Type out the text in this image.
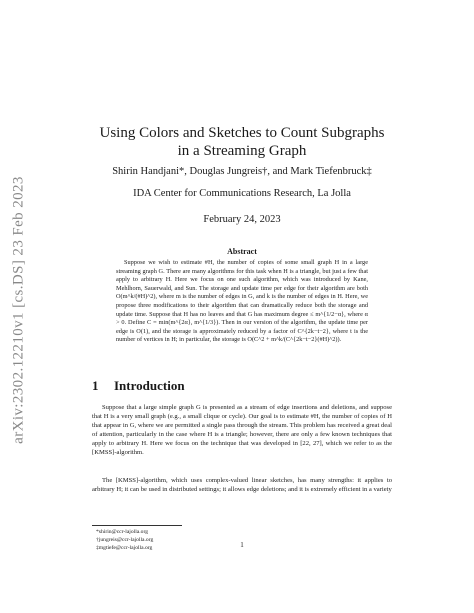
arXiv:2302.12210v1 [cs.DS] 23 Feb 2023
Using Colors and Sketches to Count Subgraphs in a Streaming Graph
Shirin Handjani*, Douglas Jungreis†, and Mark Tiefenbruck‡
IDA Center for Communications Research, La Jolla
February 24, 2023
Abstract
Suppose we wish to estimate #H, the number of copies of some small graph H in a large streaming graph G. There are many algorithms for this task when H is a triangle, but just a few that apply to arbitrary H. Here we focus on one such algorithm, which was introduced by Kane, Mehlhorn, Sauerwald, and Sun. The storage and update time per edge for their algorithm are both O(m^k/(#H)^2), where m is the number of edges in G, and k is the number of edges in H. Here, we propose three modifications to their algorithm that can dramatically reduce both the storage and update time. Suppose that H has no leaves and that G has maximum degree ≤ m^{1/2−α}, where α > 0. Define C = min(m^{2α}, m^{1/3}). Then in our version of the algorithm, the update time per edge is O(1), and the storage is approximately reduced by a factor of C^{2k−t−2}, where t is the number of vertices in H; in particular, the storage is O(C^2 + m^k/(C^{2k−t−2}(#H)^2)).
1 Introduction
Suppose that a large simple graph G is presented as a stream of edge insertions and deletions, and suppose that H is a very small graph (e.g., a small clique or cycle). Our goal is to estimate #H, the number of copies of H that appear in G, where we are permitted a single pass through the stream. This problem has received a great deal of attention, particularly in the case where H is a triangle; however, there are only a few known techniques that apply to arbitrary H. Here we focus on the technique that was developed in [22, 27], which we refer to as the [KMSS]-algorithm.
The [KMSS]-algorithm, which uses complex-valued linear sketches, has many strengths: it applies to arbitrary H; it can be used in distributed settings; it allows edge deletions; and it is extremely efficient in a variety
*shirin@ccr-lajolla.org
†jungreis@ccr-lajolla.org
‡mgtiefe@ccr-lajolla.org	1
